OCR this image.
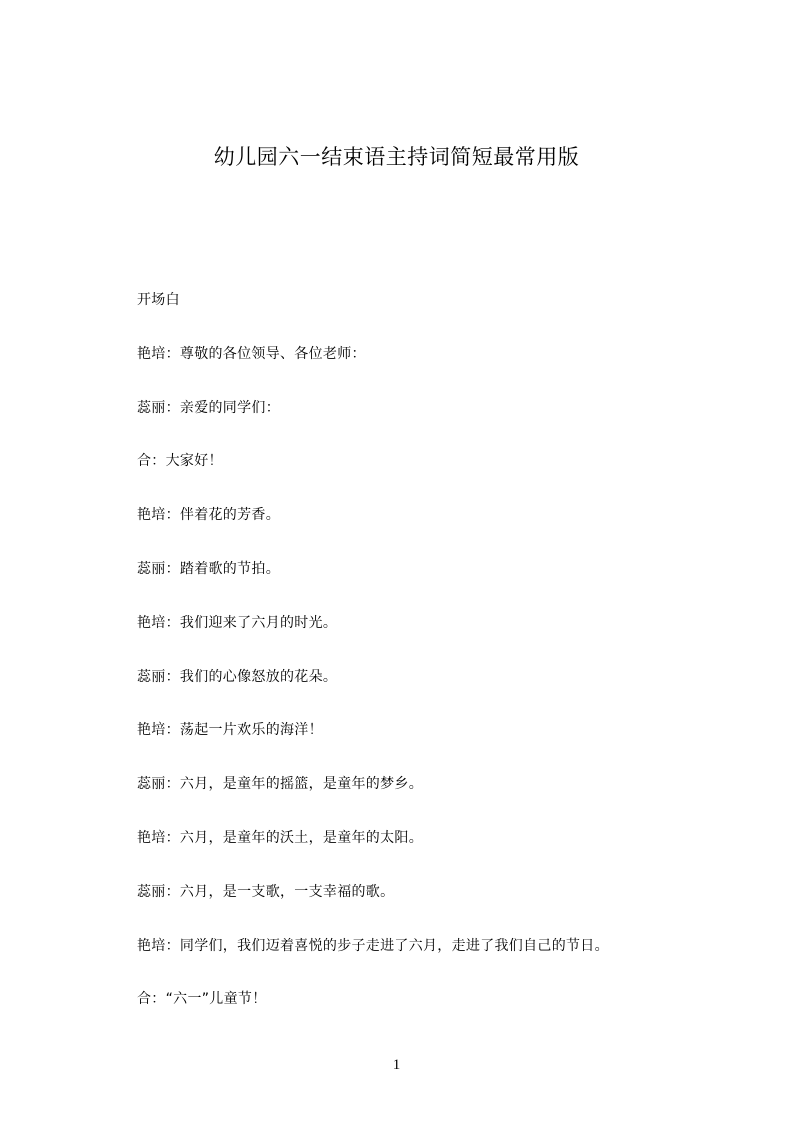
幼儿园六一结束语主持词简短最常用版
开场白
艳培：尊敬的各位领导、各位老师：
蕊丽：亲爱的同学们：
合：大家好！
艳培：伴着花的芳香。
蕊丽：踏着歌的节拍。
艳培：我们迎来了六月的时光。
蕊丽：我们的心像怒放的花朵。
艳培：荡起一片欢乐的海洋！
蕊丽：六月，是童年的摇篮，是童年的梦乡。
艳培：六月，是童年的沃土，是童年的太阳。
蕊丽：六月，是一支歌，一支幸福的歌。
艳培：同学们，我们迈着喜悦的步子走进了六月，走进了我们自己的节日。
合：“六一”儿童节！
1
